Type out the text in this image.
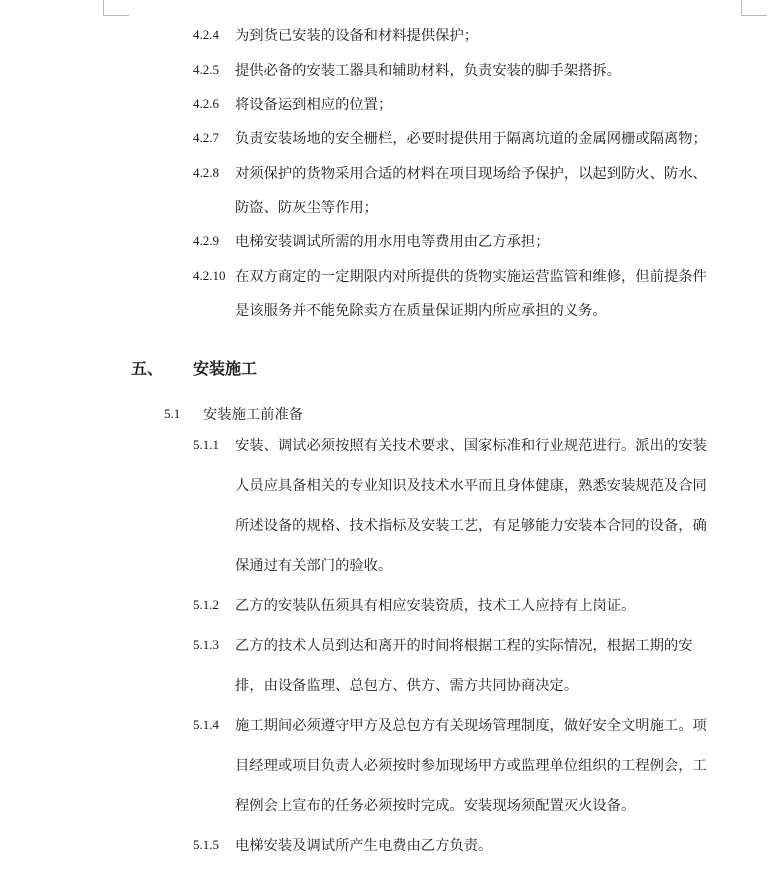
4.2.4 为到货已安装的设备和材料提供保护；
4.2.5 提供必备的安装工器具和辅助材料，负责安装的脚手架搭拆。
4.2.6 将设备运到相应的位置；
4.2.7 负责安装场地的安全栅栏，必要时提供用于隔离坑道的金属网栅或隔离物；
4.2.8 对须保护的货物采用合适的材料在项目现场给予保护，以起到防火、防水、
防盗、防灰尘等作用；
4.2.9 电梯安装调试所需的用水用电等费用由乙方承担；
4.2.10 在双方商定的一定期限内对所提供的货物实施运营监管和维修，但前提条件
是该服务并不能免除卖方在质量保证期内所应承担的义务。
五、 安装施工
5.1 安装施工前准备
5.1.1 安装、调试必须按照有关技术要求、国家标准和行业规范进行。派出的安装
人员应具备相关的专业知识及技术水平而且身体健康，熟悉安装规范及合同
所述设备的规格、技术指标及安装工艺，有足够能力安装本合同的设备，确
保通过有关部门的验收。
5.1.2 乙方的安装队伍须具有相应安装资质，技术工人应持有上岗证。
5.1.3 乙方的技术人员到达和离开的时间将根据工程的实际情况，根据工期的安
排，由设备监理、总包方、供方、需方共同协商决定。
5.1.4 施工期间必须遵守甲方及总包方有关现场管理制度，做好安全文明施工。项
目经理或项目负责人必须按时参加现场甲方或监理单位组织的工程例会，工
程例会上宣布的任务必须按时完成。安装现场须配置灭火设备。
5.1.5 电梯安装及调试所产生电费由乙方负责。
